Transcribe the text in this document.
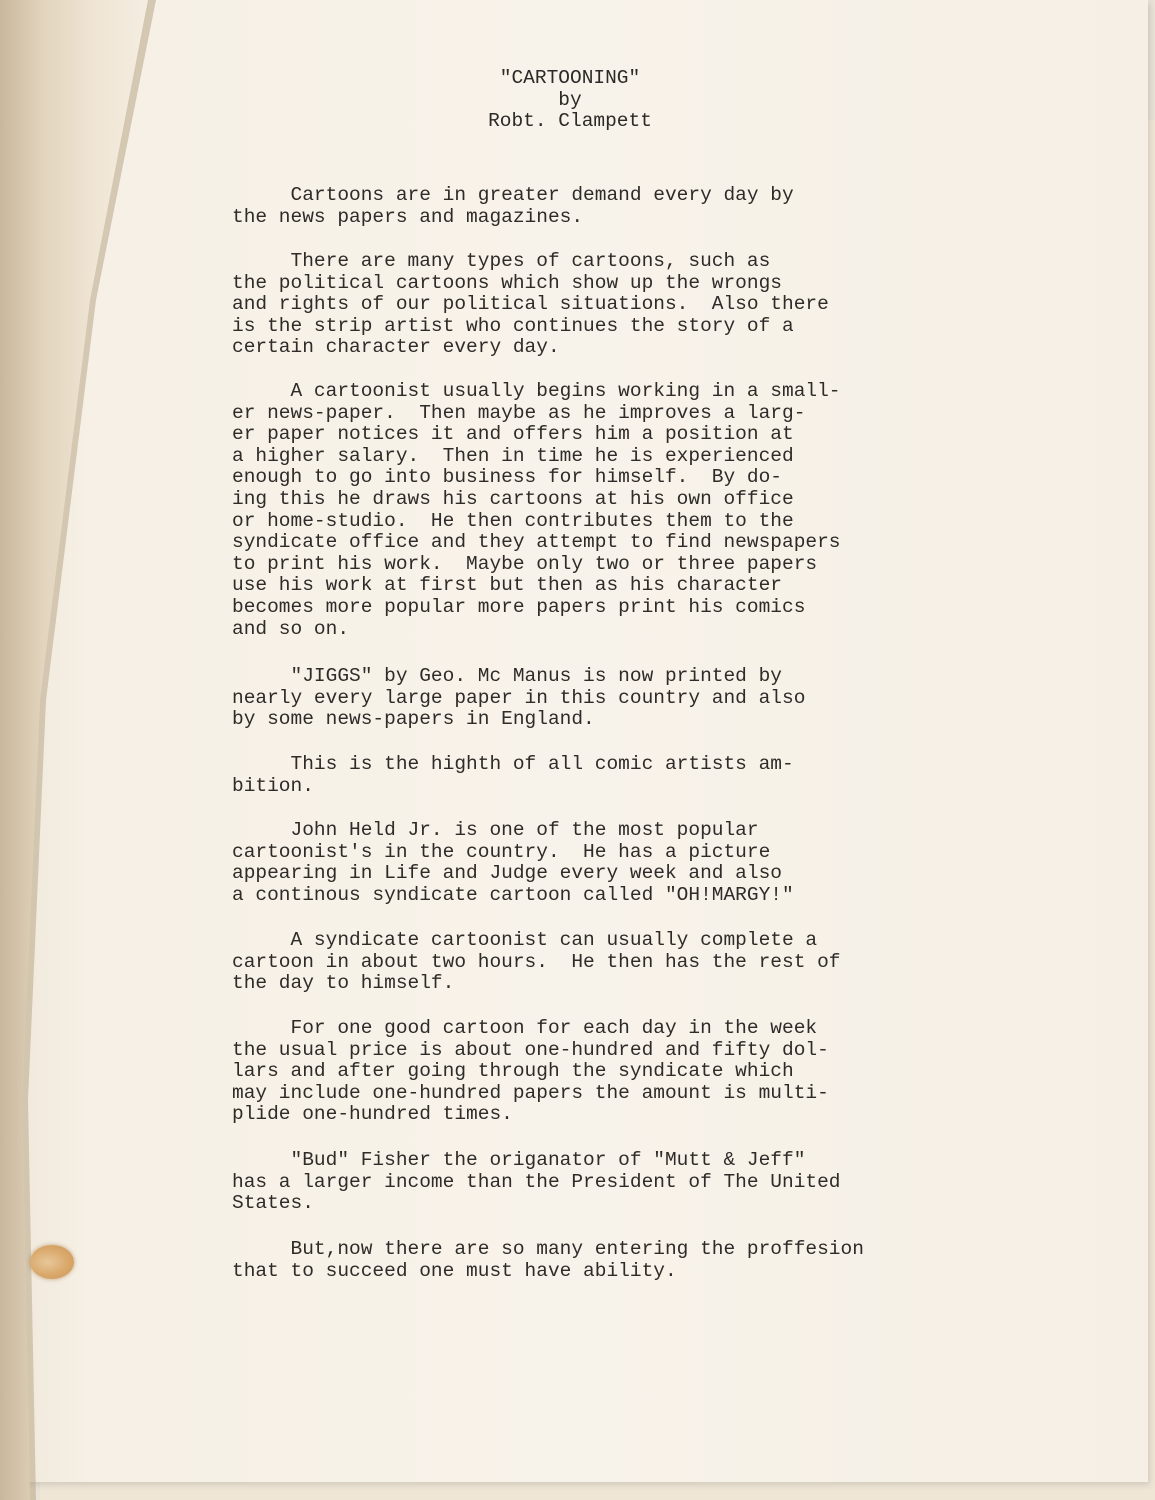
"CARTOONING"
by
Robt. Clampett
Cartoons are in greater demand every day by
the news papers and magazines.
There are many types of cartoons, such as
the political cartoons which show up the wrongs
and rights of our political situations.  Also there
is the strip artist who continues the story of a
certain character every day.
A cartoonist usually begins working in a small-
er news-paper.  Then maybe as he improves a larg-
er paper notices it and offers him a position at
a higher salary.  Then in time he is experienced
enough to go into business for himself.  By do-
ing this he draws his cartoons at his own office
or home-studio.  He then contributes them to the
syndicate office and they attempt to find newspapers
to print his work.  Maybe only two or three papers
use his work at first but then as his character
becomes more popular more papers print his comics
and so on.
"JIGGS" by Geo. Mc Manus is now printed by
nearly every large paper in this country and also
by some news-papers in England.
This is the highth of all comic artists am-
bition.
John Held Jr. is one of the most popular
cartoonist's in the country.  He has a picture
appearing in Life and Judge every week and also
a continous syndicate cartoon called "OH!MARGY!"
A syndicate cartoonist can usually complete a
cartoon in about two hours.  He then has the rest of
the day to himself.
For one good cartoon for each day in the week
the usual price is about one-hundred and fifty dol-
lars and after going through the syndicate which
may include one-hundred papers the amount is multi-
plide one-hundred times.
"Bud" Fisher the origanator of "Mutt & Jeff"
has a larger income than the President of The United
States.
But,now there are so many entering the proffesion
that to succeed one must have ability.
